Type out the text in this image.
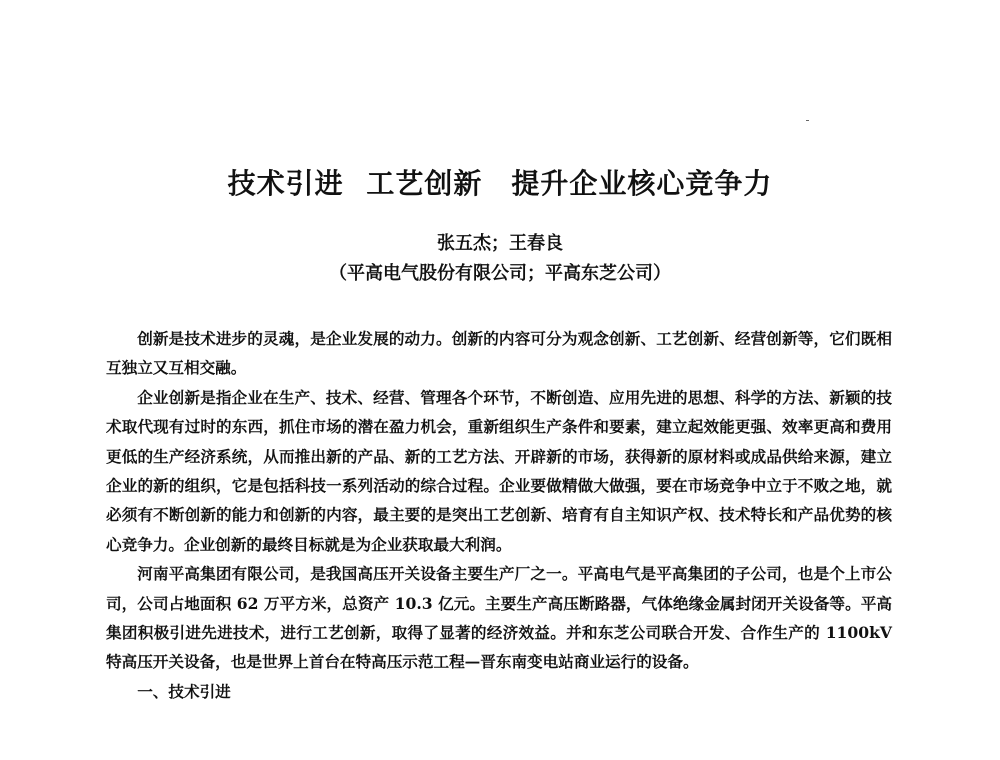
技术引进 工艺创新　提升企业核心竞争力
张五杰；王春良
（平高电气股份有限公司；平高东芝公司）

创新是技术进步的灵魂，是企业发展的动力。创新的内容可分为观念创新、工艺创新、经营创新等，它们既相互独立又互相交融。

企业创新是指企业在生产、技术、经营、管理各个环节，不断创造、应用先进的思想、科学的方法、新颖的技术取代现有过时的东西，抓住市场的潜在盈力机会，重新组织生产条件和要素，建立起效能更强、效率更高和费用更低的生产经济系统，从而推出新的产品、新的工艺方法、开辟新的市场，获得新的原材料或成品供给来源，建立企业的新的组织，它是包括科技一系列活动的综合过程。企业要做精做大做强，要在市场竞争中立于不败之地，就必须有不断创新的能力和创新的内容，最主要的是突出工艺创新、培育有自主知识产权、技术特长和产品优势的核心竞争力。企业创新的最终目标就是为企业获取最大利润。

河南平高集团有限公司，是我国高压开关设备主要生产厂之一。平高电气是平高集团的子公司，也是个上市公司，公司占地面积 62 万平方米，总资产 10.3 亿元。主要生产高压断路器，气体绝缘金属封闭开关设备等。平高集团积极引进先进技术，进行工艺创新，取得了显著的经济效益。并和东芝公司联合开发、合作生产的 1100kV 特高压开关设备，也是世界上首台在特高压示范工程—晋东南变电站商业运行的设备。

一、技术引进
